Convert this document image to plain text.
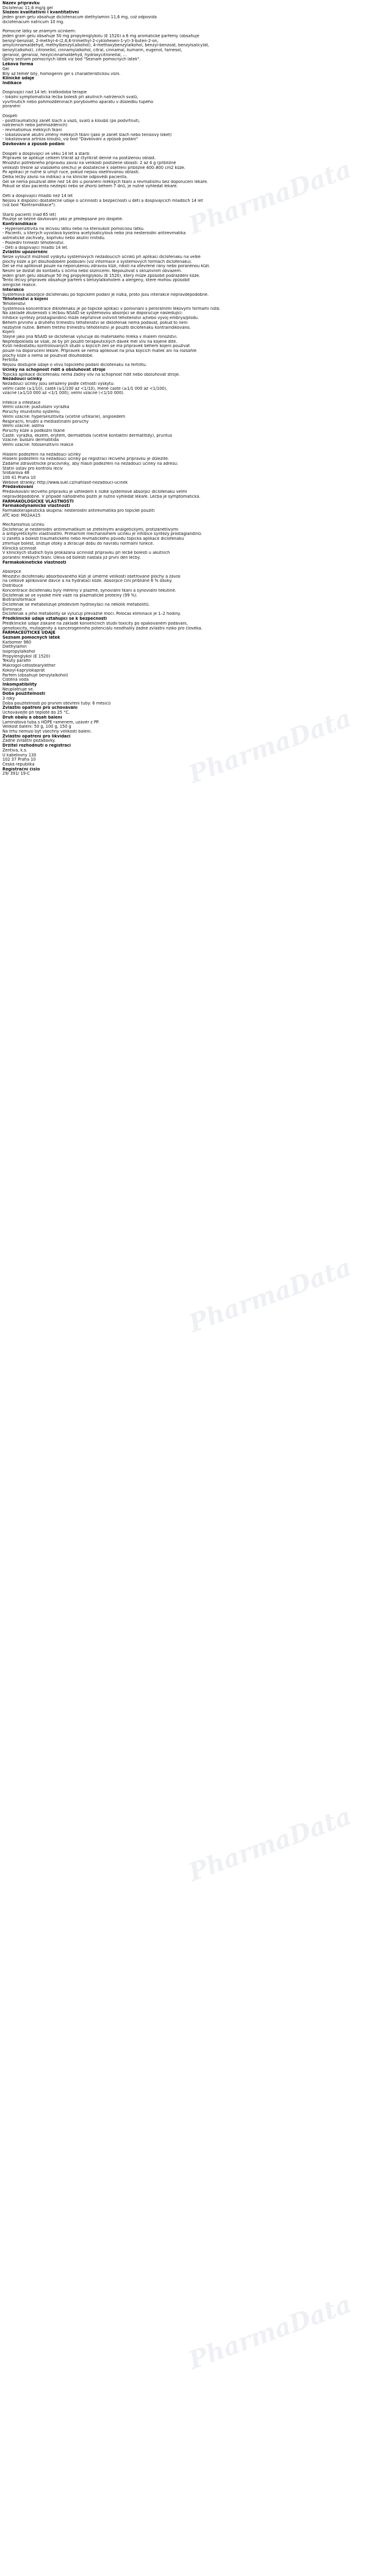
Název přípravku
Diclofenac 11,6 mg/g gel
Složení kvalitativní i kvantitativní
Jeden gram gelu obsahuje diclofenacum diethylamini 11,6 mg, což odpovídá
diclofenacum natricum 10 mg.

Pomocné látky se známým účinkem:
Jeden gram gelu obsahuje 50 mg propylenglykolu (E 1520) a 6 mg aromatické parfémy (obsahuje
benzyl-benzoát, 2-methyl-4-(2,6,6-trimethyl-2-cyklohexen-1-yl)-3-buten-2-on,
amylcinnamaldehyd, methylbenzyl(alkohol), 4-methoxybenzylalkohol, benzyl-benzoát, benzylsalicylát,
benzyl(alkohol), citronellol, cinnamylalkohol, citral, cinnamal, kumarin, eugenol, farnesol,
geraniol, geranial, hexylcinnamaldehyd, hydroxycitronellal, ...
Úplný seznam pomocných látek viz bod "Seznam pomocných látek".
Léková forma
Gel
Bílý až téměř bílý, homogenní gel s charakteristickou vůní.
Klinické údaje
Indikace

Dospívající nad 14 let: krátkodobá terapie
- lokální symptomatická léčba bolesti při akutních natrženích svalů,
vyvrtnutích nebo pohmožděninách porybového aparátu v důsledku tupého
poranění

Dospělí
- posttraumatický zánět šlach a vazů, svalů a kloubů (po podvrtnutí,
natrženích nebo pohmožděních)
- revmatismus měkkých tkání
- lokalizované akutní změny měkkých tkání (jako je zánět šlach nebo tenisový loket)
- lokalizovaná artróza kloubů, viz bod "Dávkování a způsob podání"
Dávkování a způsob podání

Dospělí a dospívající ve věku 14 let a starší
Přípravek se aplikuje celkem třikrát až čtyřikrát denně na postiženou oblast.
Množství potřebného přípravku závisí na velikosti postižené oblasti: 2 až 4 g (přibližně
velikosti třešně až vlašského ořechu) je dostatečné k ošetření přibližně 400–800 cm2 kůže.
Po aplikaci je nutné si umýt ruce, pokud nejsou ošetřovanou oblastí.
Délka léčby závisí na indikaci a na klinické odpovědi pacienta.
Gel se nemá používat déle než 14 dní u poranění měkkých tkání a revmatismu bez doporučení lékaře.
Pokud se stav pacienta nezlepší nebo se zhorší během 7 dnů, je nutné vyhledat lékaře.

Děti a dospívající mladší než 14 let
Nejsou k dispozici dostatečné údaje o účinnosti a bezpečnosti u dětí a dospívajících mladších 14 let
(viz bod "Kontraindikace").

Starší pacienti (nad 65 let)
Použije se běžné dávkování jako je předepsané pro dospělé.
Kontraindikace
- Hypersenzitivita na léčivou látku nebo na kteroukoli pomocnou látku.
- Pacienti, u kterých vyvolává kyselina acetylsalicylová nebo jiná nesteroidní antirevmatika
astmatické záchvaty, kopřivku nebo akutní rinitidu.
- Poslední trimestr těhotenství.
- Děti a dospívající mladší 14 let.
Zvláštní upozornění
Nelze vyloučit možnost výskytu systémových nežádoucích účinků při aplikaci diclofenaku na velké
plochy kůže a při dlouhodobém podávání (viz informace o systémových formách diclofenaku).
Gel se má aplikovat pouze na neporušenou zdravou kůži, nikoli na otevřené rány nebo poraněnou kůži.
Nesmí se dostat do kontaktu s očima nebo sliznicemi. Nepoužívat s okluzivním obvazem.
Jeden gram gelu obsahuje 50 mg propylenglykolu (E 1520), který může způsobit podráždění kůže.
Tento léčivý přípravek obsahuje parfém s benzylalkoholem a alergeny, které mohou způsobit
alergické reakce.
Interakce
Systémová absorpce diclofenaku po topickém podání je nízká, proto jsou interakce nepravděpodobné.
Těhotenství a kojení
Těhotenství
Systémová koncentrace diklofenaku je po topické aplikaci v porovnání s perorálními lékovými formami nižší.
Na základě zkušeností s léčbou NSAID se systémovou absorpcí se doporučuje následující:
Inhibice syntézy prostaglandinů může nepříznivě ovlivnit těhotenství a/nebo vývoj embrya/plodu.
Během prvního a druhého trimestru těhotenství se diklofenak nemá podávat, pokud to není
nezbytně nutné. Během třetího trimestru těhotenství je použití diclofenaku kontraindikováno.
Kojení
Stejně jako jiná NSAID se diclofenak vylučuje do mateřského mléka v malém množství.
Nepředpokládá se však, že by při použití terapeutických dávek měl vliv na kojené dítě.
Kvůli nedostatku kontrolovaných studií u kojících žen se má přípravek během kojení používat
pouze na doporučení lékaře. Přípravek se nemá aplikovat na prsa kojících matek ani na rozsáhlé
plochy kůže a nemá se používat dlouhodobě.
Fertilita
Nejsou dostupné údaje o vlivu topického podání diclofenaku na fertilitu.
Účinky na schopnost řídit a obsluhovat stroje
Topická aplikace diclofenaku nemá žádný vliv na schopnost řídit nebo obsluhovat stroje.
Nežádoucí účinky
Nežádoucí účinky jsou seřazeny podle četnosti výskytu:
velmi časté (≥1/10), časté (≥1/100 až <1/10), méně časté (≥1/1 000 až <1/100),
vzácné (≥1/10 000 až <1/1 000), velmi vzácné (<1/10 000).

Infekce a infestace
Velmi vzácné: pustulózní vyrážka
Poruchy imunitního systému
Velmi vzácné: hypersenzitivita (včetně urtikarie), angioedém
Respirační, hrudní a mediastinální poruchy
Velmi vzácné: astma
Poruchy kůže a podkožní tkáně
Časté: vyrážka, ekzém, erytém, dermatitida (včetně kontaktní dermatitidy), pruritus
Vzácné: bulózní dermatitida
Velmi vzácné: fotosenzitivní reakce

Hlášení podezření na nežádoucí účinky
Hlášení podezření na nežádoucí účinky po registraci léčivého přípravku je důležité.
Žádáme zdravotnické pracovníky, aby hlásili podezření na nežádoucí účinky na adresu:
Státní ústav pro kontrolu léčiv
Šrobárova 48
100 41 Praha 10
Webové stránky: http://www.sukl.cz/nahlasit-nezadouci-ucinek
Předávkování
Předávkování léčivého přípravku je vzhledem k nízké systémové absorpci diclofenaku velmi
nepravděpodobné. V případě náhodného požití je nutno vyhledat lékaře. Léčba je symptomatická.
FARMAKOLOGICKÉ VLASTNOSTI
Farmakodynamické vlastnosti
Farmakoterapeutická skupina: nesteroidní antirevmatika pro topické použití
ATC kód: M02AA15

Mechanismus účinku
Diclofenac je nesteroidní antirevmatikum se zřetelnými analgetickými, protizánětlivými
a antipyretickými vlastnostmi. Primárním mechanismem účinku je inhibice syntézy prostaglandinů.
U zánětů a bolestí traumatického nebo revmatického původu topická aplikace diclofenaku
zmírňuje bolest, snižuje otoky a zkracuje dobu do návratu normální funkce.
Klinická účinnost
V klinických studiích byla prokázána účinnost přípravku při léčbě bolesti u akutních
poranění měkkých tkání. Úleva od bolesti nastala již první den léčby.
Farmakokinetické vlastnosti

Absorpce
Množství diclofenaku absorbovaného kůží je úměrné velikosti ošetřované plochy a závisí
na celkové aplikované dávce a na hydrataci kůže. Absorpce činí přibližně 6 % dávky.
Distribuce
Koncentrace diclofenaku byly měřeny v plazmě, synoviální tkáni a synoviální tekutině.
Diclofenak se ve vysoké míře váže na plazmatické proteiny (99 %).
Biotransformace
Diclofenak se metabolizuje především hydroxylací na několik metabolitů.
Eliminace
Diclofenak a jeho metabolity se vylučují převážně močí. Poločas eliminace je 1–2 hodiny.
Předklinické údaje vztahující se k bezpečnosti
Předklinické údaje získané na základě konvenčních studií toxicity po opakovaném podávání,
genotoxicity, mutagenity a kancerogenního potenciálu neodhalily žádné zvláštní riziko pro člověka.
FARMACEUTICKÉ ÚDAJE
Seznam pomocných látek
Karbomer 980
Diethylamin
Isopropylalkohol
Propylenglykol (E 1520)
Tekutý parafin
Makrogol-cetostearylether
Kokoyl-kaprylokaprát
Parfém (obsahuje benzylalkohol)
Čištěná voda
Inkompatibility
Neuplatňuje se.
Doba použitelnosti
3 roky
Doba použitelnosti po prvním otevření tuby: 6 měsíců
Zvláštní opatření pro uchovávání
Uchovávejte při teplotě do 25 °C.
Druh obalu a obsah balení
Laminátová tuba s HDPE ramenem, uzávěr z PP.
Velikost balení: 50 g, 100 g, 150 g
Na trhu nemusí být všechny velikosti balení.
Zvláštní opatření pro likvidaci
Žádné zvláštní požadavky.
Držitel rozhodnutí o registraci
Zentiva, k.s.
U kabelovny 130
102 37 Praha 10
Česká republika
Registrační číslo
29/ 391/ 19-C
PharmaData
PharmaData
PharmaData
PharmaData
PharmaData
